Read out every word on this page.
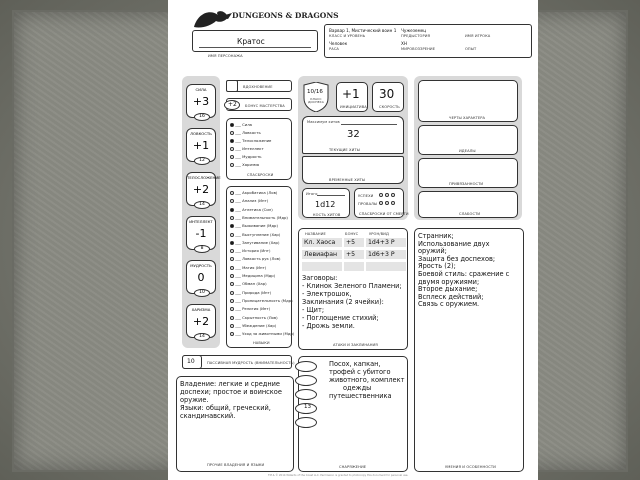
DUNGEONS & DRAGONS
Кратос
ИМЯ ПЕРСОНАЖА
Варвар 1, Мистический воин 1
КЛАСС И УРОВЕНЬ
Чужеземец
ПРЕДЫСТОРИЯ	ИМЯ ИГРОКА
Человек
РАСА
ХН
МИРОВОЗЗРЕНИЕ	ОПЫТ
СИЛА
+3
16
ЛОВКОСТЬ
+1
12
ТЕЛОСЛОЖЕНИЕ
+2
14
ИНТЕЛЛЕКТ
-1
8
МУДРОСТЬ
0
10
ХАРИЗМА
+2
14
ВДОХНОВЕНИЕ
+2 БОНУС МАСТЕРСТВА
___ Сила
___ Ловкость
___ Телосложение
___ Интеллект
___ Мудрость
___ Харизма
СПАСБРОСКИ
___ Акробатика (Лов)
___ Анализ (Инт)
___ Атлетика (Сил)
___ Внимательность (Мдр)
___ Выживание (Мдр)
___ Выступление (Хар)
___ Запугивание (Хар)
___ История (Инт)
___ Ловкость рук (Лов)
___ Магия (Инт)
___ Медицина (Мдр)
___ Обман (Хар)
___ Природа (Инт)
___ Проницательность (Мдр)
___ Религия (Инт)
___ Скрытность (Лов)
___ Убеждение (Хар)
___ Уход за животными (Мдр)
НАВЫКИ
10	ПАССИВНАЯ МУДРОСТЬ (ВНИМАТЕЛЬНОСТЬ)
Владение: легкие и средние
доспехи; простое и воинское
оружие.
Языки: общий, греческий,
скандинавский.
ПРОЧИЕ ВЛАДЕНИЯ И ЯЗЫКИ
10/16
КЛАСС ДОСПЕХА
+1
ИНИЦИАТИВА
30
СКОРОСТЬ
Максимум хитов
32
ТЕКУЩИЕ ХИТЫ
ВРЕМЕННЫЕ ХИТЫ
Итого
1d12
КОСТЬ ХИТОВ
УСПЕХИ
ПРОВАЛЫ
СПАСБРОСКИ ОТ СМЕРТИ
НАЗВАНИЕ	БОНУС	УРОН/ВИД
Кл. Хаоса	+5	1d4+3 Р
Левиафан	+5	1d6+3 Р
Заговоры:
- Клинок Зеленого Пламени;
- Электрошок,
Заклинания (2 ячейки):
- Щит;
- Поглощение стихий;
- Дрожь земли.
АТАКИ И ЗАКЛИНАНИЯ
13
Посох, капкан,
трофей с убитого
животного, комплект
одежды
путешественника
СНАРЯЖЕНИЕ
ЧЕРТЫ ХАРАКТЕРА
ИДЕАЛЫ
ПРИВЯЗАННОСТИ
СЛАБОСТИ
Странник;
Использование двух
оружий;
Защита без доспехов;
Ярость (2);
Боевой стиль: сражение с
двумя оружиями;
Второе дыхание;
Всплеск действий;
Связь с оружием.
УМЕНИЯ И ОСОБЕННОСТИ
TM & © 2014 Wizards of the Coast LLC. Permission is granted to photocopy this document for personal use.
